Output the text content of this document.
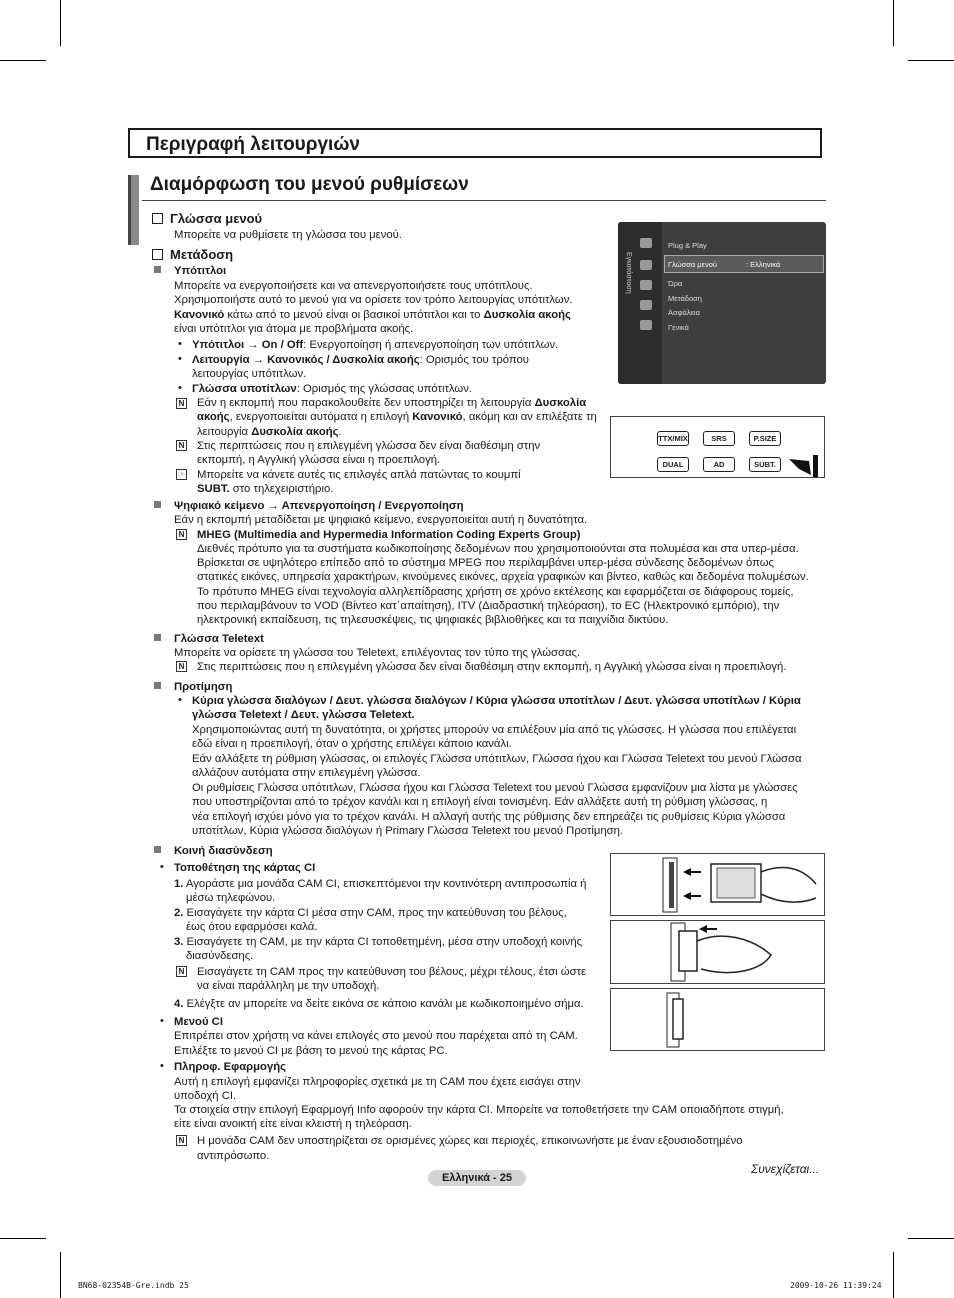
Περιγραφή λειτουργιών
Διαμόρφωση του μενού ρυθμίσεων
Γλώσσα μενού
Μπορείτε να ρυθμίσετε τη γλώσσα του μενού.
Μετάδοση
Υπότιτλοι
Μπορείτε να ενεργοποιήσετε και να απενεργοποιήσετε τους υπότιτλους.
Χρησιμοποιήστε αυτό το μενού για να ορίσετε τον τρόπο λειτουργίας υπότιτλων.
Κανονικό κάτω από το μενού είναι οι βασικοί υπότιτλοι και το Δυσκολία ακοής
είναι υπότιτλοι για άτομα με προβλήματα ακοής.
• Υπότιτλοι → On / Off: Ενεργοποίηση ή απενεργοποίηση των υπότιτλων.
• Λειτουργία → Κανονικός / Δυσκολία ακοής: Ορισμός του τρόπου
λειτουργίας υπότιτλων.
• Γλώσσα υποτίτλων: Ορισμός της γλώσσας υπότιτλων.
N Εάν η εκπομπή που παρακολουθείτε δεν υποστηρίζει τη λειτουργία Δυσκολία
ακοής, ενεργοποιείται αυτόματα η επιλογή Κανονικό, ακόμη και αν επιλέξατε τη
λειτουργία Δυσκολία ακοής.
N Στις περιπτώσεις που η επιλεγμένη γλώσσα δεν είναι διαθέσιμη στην
εκπομπή, η Αγγλική γλώσσα είναι η προεπιλογή.
☞ Μπορείτε να κάνετε αυτές τις επιλογές απλά πατώντας το κουμπί
SUBT. στο τηλεχειριστήριο.
Εγκατάσταση
Plug & Play
Γλώσσα μενού	: Ελληνικά
Ώρα
Μετάδοση
Ασφάλεια
Γενικά
TTX/MIX	SRS	P.SIZE
DUAL	AD	SUBT.
Ψηφιακό κείμενο → Απενεργοποίηση / Ενεργοποίηση
Εάν η εκπομπή μεταδίδεται με ψηφιακό κείμενο, ενεργοποιείται αυτή η δυνατότητα.
N MHEG (Multimedia and Hypermedia Information Coding Experts Group)
Διεθνές πρότυπο για τα συστήματα κωδικοποίησης δεδομένων που χρησιμοποιούνται στα πολυμέσα και στα υπερ-μέσα.
Βρίσκεται σε υψηλότερο επίπεδο από το σύστημα MPEG που περιλαμβάνει υπερ-μέσα σύνδεσης δεδομένων όπως
στατικές εικόνες, υπηρεσία χαρακτήρων, κινούμενες εικόνες, αρχεία γραφικών και βίντεο, καθώς και δεδομένα πολυμέσων.
Το πρότυπο MHEG είναι τεχνολογία αλληλεπίδρασης χρήστη σε χρόνο εκτέλεσης και εφαρμόζεται σε διάφορους τομείς,
που περιλαμβάνουν το VOD (Βίντεο κατ΄απαίτηση), ITV (Διαδραστική τηλεόραση), το EC (Ηλεκτρονικό εμπόριο), την
ηλεκτρονική εκπαίδευση, τις τηλεσυσκέψεις, τις ψηφιακές βιβλιοθήκες και τα παιχνίδια δικτύου.
Γλώσσα Teletext
Μπορείτε να ορίσετε τη γλώσσα του Teletext, επιλέγοντας τον τύπο της γλώσσας.
N Στις περιπτώσεις που η επιλεγμένη γλώσσα δεν είναι διαθέσιμη στην εκπομπή, η Αγγλική γλώσσα είναι η προεπιλογή.
Προτίμηση
• Κύρια γλώσσα διαλόγων / Δευτ. γλώσσα διαλόγων / Κύρια γλώσσα υποτίτλων / Δευτ. γλώσσα υποτίτλων / Κύρια
γλώσσα Teletext / Δευτ. γλώσσα Teletext.
Χρησιμοποιώντας αυτή τη δυνατότητα, οι χρήστες μπορούν να επιλέξουν μία από τις γλώσσες. Η γλώσσα που επιλέγεται
εδώ είναι η προεπιλογή, όταν ο χρήστης επιλέγει κάποιο κανάλι.
Εάν αλλάξετε τη ρύθμιση γλώσσας, οι επιλογές Γλώσσα υπότιτλων, Γλώσσα ήχου και Γλώσσα Teletext του μενού Γλώσσα
αλλάζουν αυτόματα στην επιλεγμένη γλώσσα.
Οι ρυθμίσεις Γλώσσα υπότιτλων, Γλώσσα ήχου και Γλώσσα Teletext του μενού Γλώσσα εμφανίζουν μια λίστα με γλώσσες
που υποστηρίζονται από το τρέχον κανάλι και η επιλογή είναι τονισμένη. Εάν αλλάξετε αυτή τη ρύθμιση γλώσσας, η
νέα επιλογή ισχύει μόνο για το τρέχον κανάλι. Η αλλαγή αυτής της ρύθμισης δεν επηρεάζει τις ρυθμίσεις Κύρια γλώσσα
υποτίτλων, Κύρια γλώσσα διαλόγων ή Primary Γλώσσα Teletext του μενού Προτίμηση.
Κοινή διασύνδεση
• Τοποθέτηση της κάρτας CI
1. Αγοράστε μια μονάδα CAM CI, επισκεπτόμενοι την κοντινότερη αντιπροσωπία ή
μέσω τηλεφώνου.
2. Εισαγάγετε την κάρτα CI μέσα στην CAM, προς την κατεύθυνση του βέλους,
έως ότου εφαρμόσει καλά.
3. Εισαγάγετε τη CAM, με την κάρτα CI τοποθετημένη, μέσα στην υποδοχή κοινής
διασύνδεσης.
N Εισαγάγετε τη CAM προς την κατεύθυνση του βέλους, μέχρι τέλους, έτσι ώστε
να είναι παράλληλη με την υποδοχή.
4. Ελέγξτε αν μπορείτε να δείτε εικόνα σε κάποιο κανάλι με κωδικοποιημένο σήμα.
• Μενού CI
Επιτρέπει στον χρήστη να κάνει επιλογές στο μενού που παρέχεται από τη CAM.
Επιλέξτε το μενού CI με βάση το μενού της κάρτας PC.
• Πληροφ. Εφαρμογής
Αυτή η επιλογή εμφανίζει πληροφορίες σχετικά με τη CAM που έχετε εισάγει στην
υποδοχή CI.
Τα στοιχεία στην επιλογή Εφαρμογή Info αφορούν την κάρτα CI. Μπορείτε να τοποθετήσετε την CAM οποιαδήποτε στιγμή,
είτε είναι ανοικτή είτε είναι κλειστή η τηλεόραση.
N Η μονάδα CAM δεν υποστηρίζεται σε ορισμένες χώρες και περιοχές, επικοινωνήστε με έναν εξουσιοδοτημένο
αντιπρόσωπο.
Συνεχίζεται...
Ελληνικά - 25
BN68-02354B-Gre.indb 25	2009-10-26 11:39:24
